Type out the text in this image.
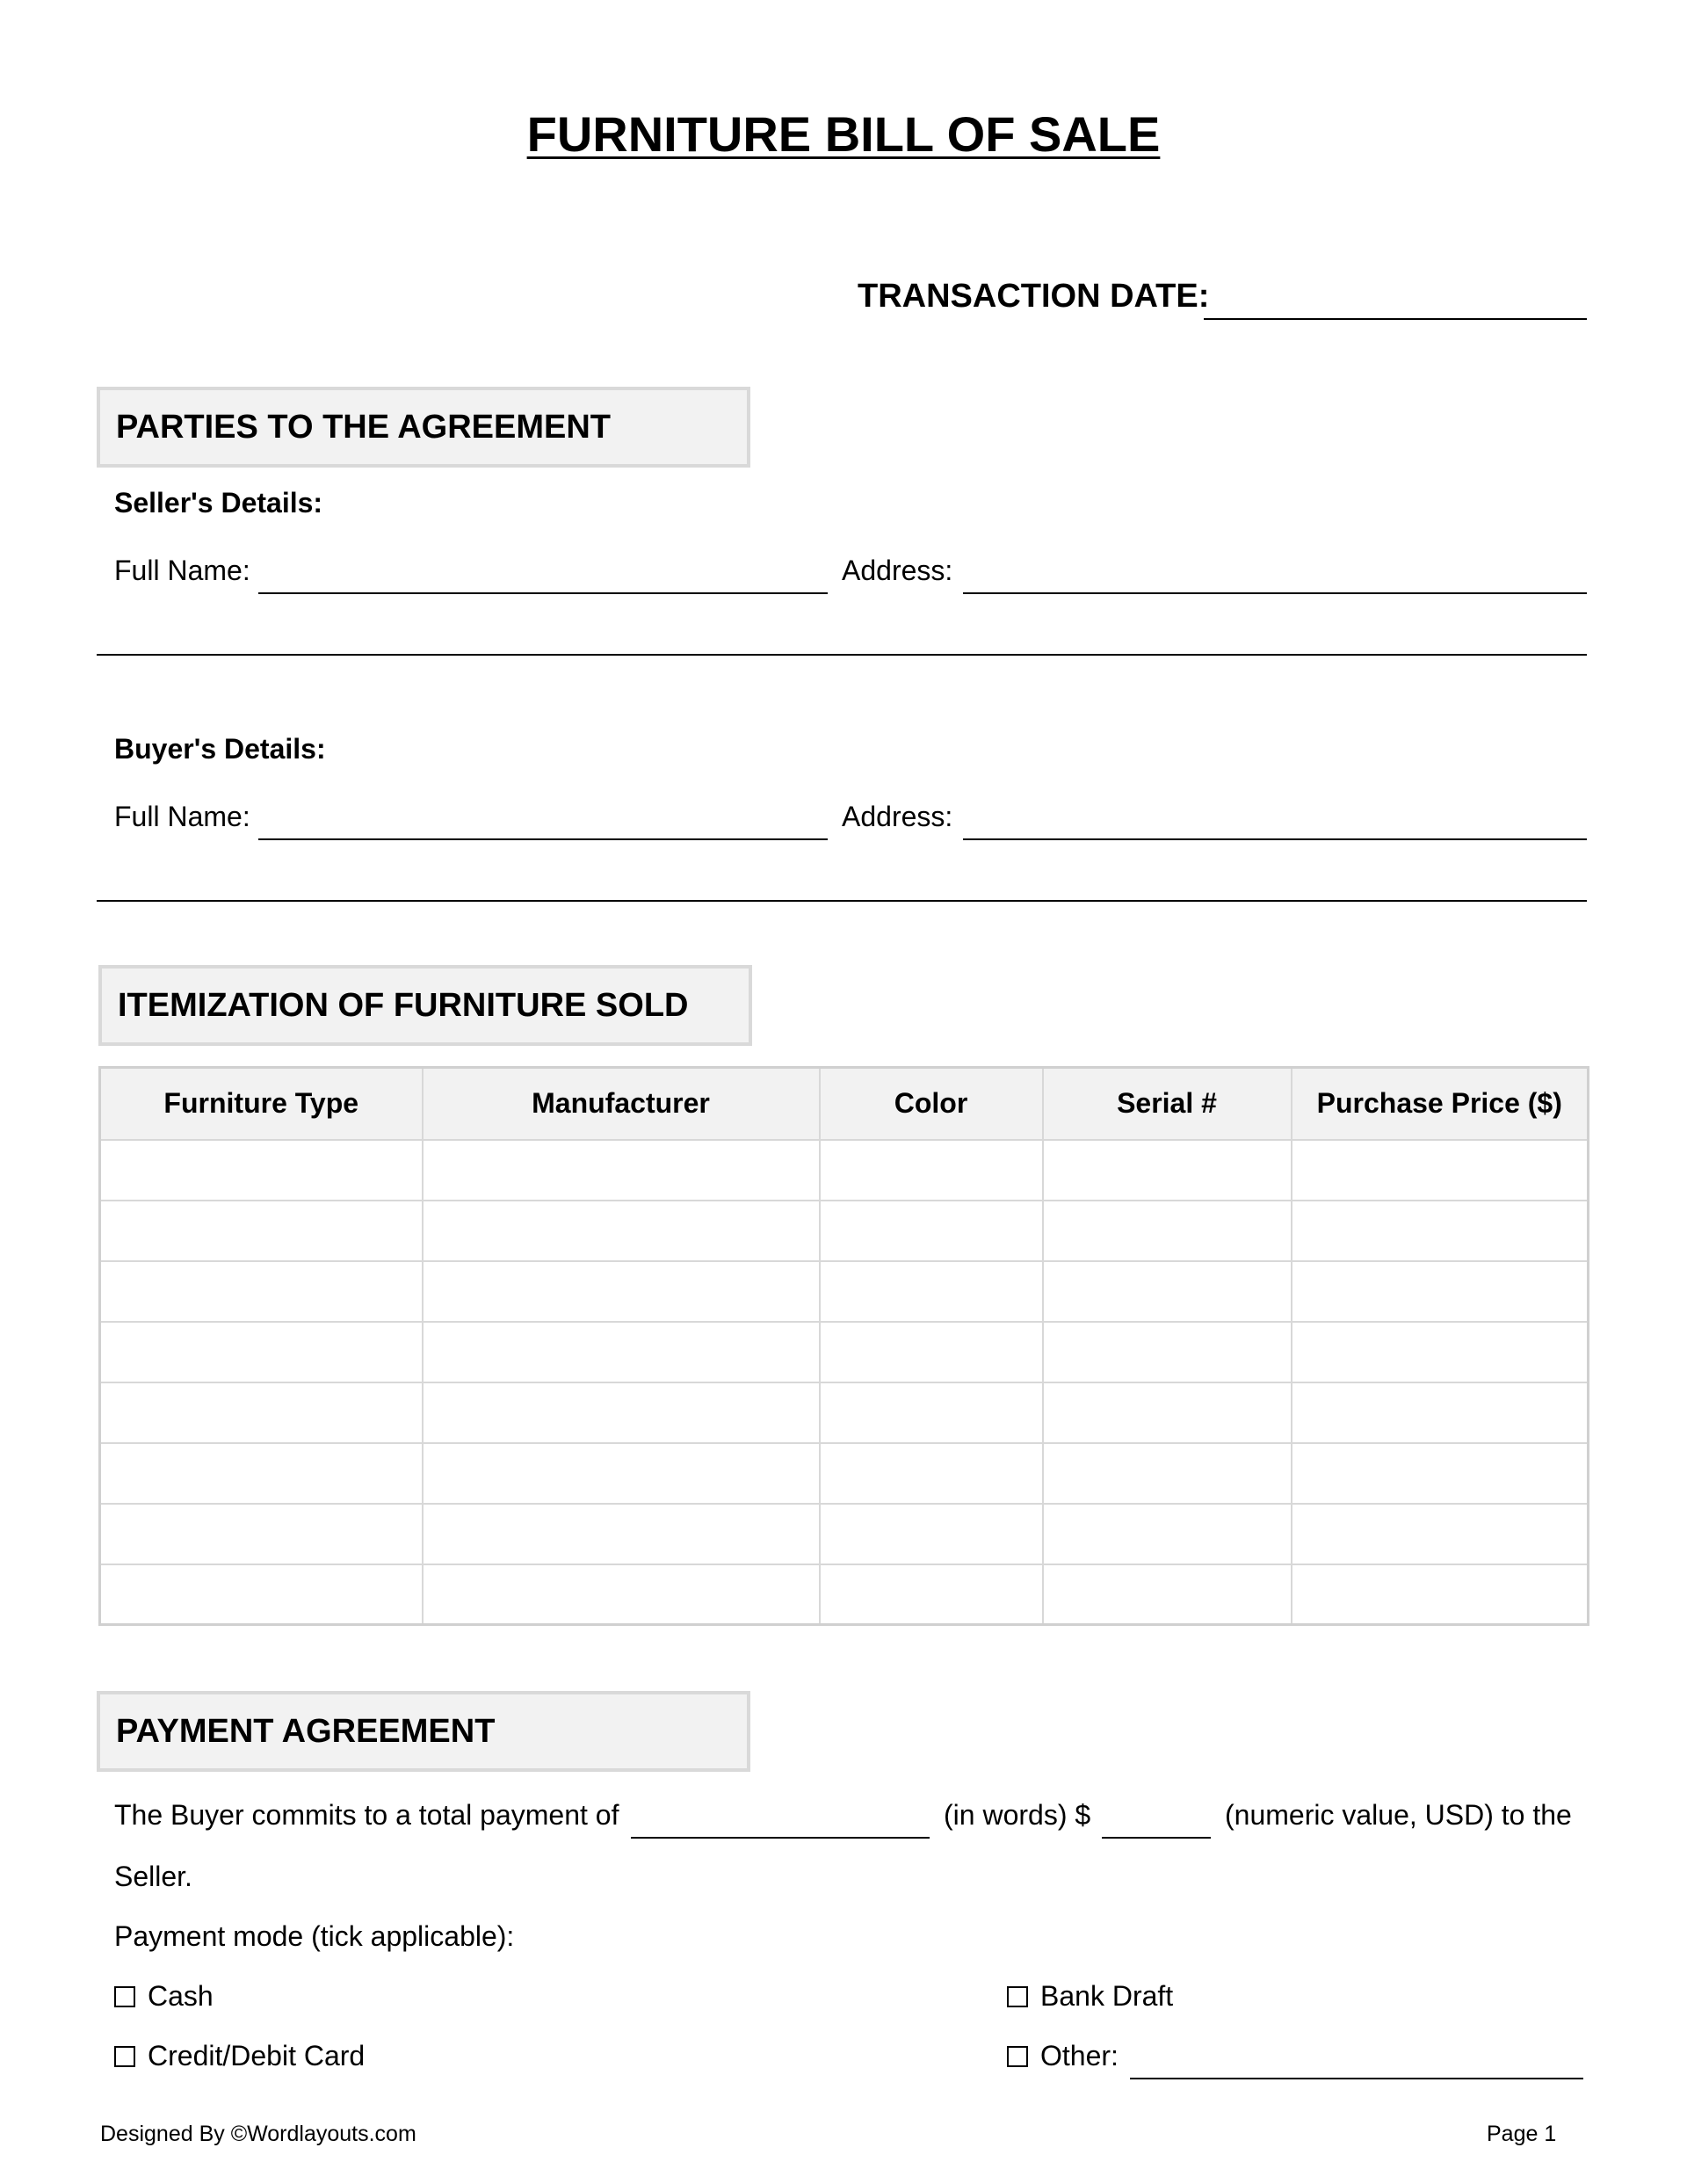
FURNITURE BILL OF SALE
TRANSACTION DATE:
PARTIES TO THE AGREEMENT
Seller's Details:
Full Name:	Address:
Buyer's Details:
Full Name:	Address:
ITEMIZATION OF FURNITURE SOLD
Furniture Type	Manufacturer	Color	Serial #	Purchase Price ($)

PAYMENT AGREEMENT
The Buyer commits to a total payment of	(in words) $	(numeric value, USD) to the
Seller.
Payment mode (tick applicable):
Cash	Bank Draft
Credit/Debit Card	Other:
Designed By ©Wordlayouts.com	Page 1
